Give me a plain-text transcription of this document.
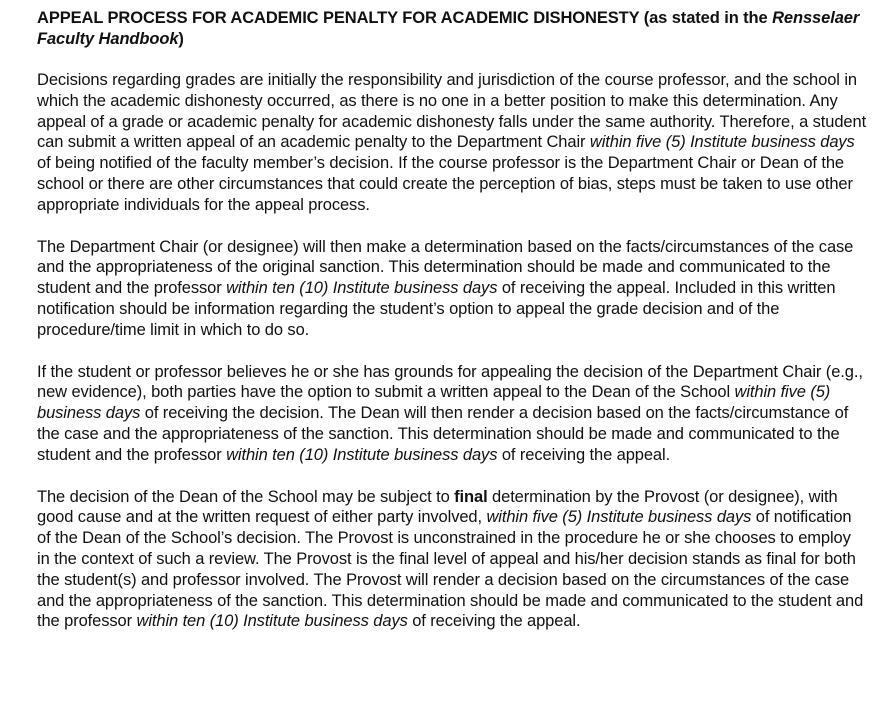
APPEAL PROCESS FOR ACADEMIC PENALTY FOR ACADEMIC DISHONESTY (as stated in the Rensselaer Faculty Handbook)

Decisions regarding grades are initially the responsibility and jurisdiction of the course professor, and the school in which the academic dishonesty occurred, as there is no one in a better position to make this determination. Any appeal of a grade or academic penalty for academic dishonesty falls under the same authority. Therefore, a student can submit a written appeal of an academic penalty to the Department Chair within five (5) Institute business days of being notified of the faculty member’s decision. If the course professor is the Department Chair or Dean of the school or there are other circumstances that could create the perception of bias, steps must be taken to use other appropriate individuals for the appeal process.

The Department Chair (or designee) will then make a determination based on the facts/circumstances of the case and the appropriateness of the original sanction. This determination should be made and communicated to the student and the professor within ten (10) Institute business days of receiving the appeal. Included in this written notification should be information regarding the student’s option to appeal the grade decision and of the procedure/time limit in which to do so.

If the student or professor believes he or she has grounds for appealing the decision of the Department Chair (e.g., new evidence), both parties have the option to submit a written appeal to the Dean of the School within five (5) business days of receiving the decision. The Dean will then render a decision based on the facts/circumstance of the case and the appropriateness of the sanction. This determination should be made and communicated to the student and the professor within ten (10) Institute business days of receiving the appeal.

The decision of the Dean of the School may be subject to final determination by the Provost (or designee), with good cause and at the written request of either party involved, within five (5) Institute business days of notification of the Dean of the School’s decision. The Provost is unconstrained in the procedure he or she chooses to employ in the context of such a review. The Provost is the final level of appeal and his/her decision stands as final for both the student(s) and professor involved. The Provost will render a decision based on the circumstances of the case and the appropriateness of the sanction. This determination should be made and communicated to the student and the professor within ten (10) Institute business days of receiving the appeal.
